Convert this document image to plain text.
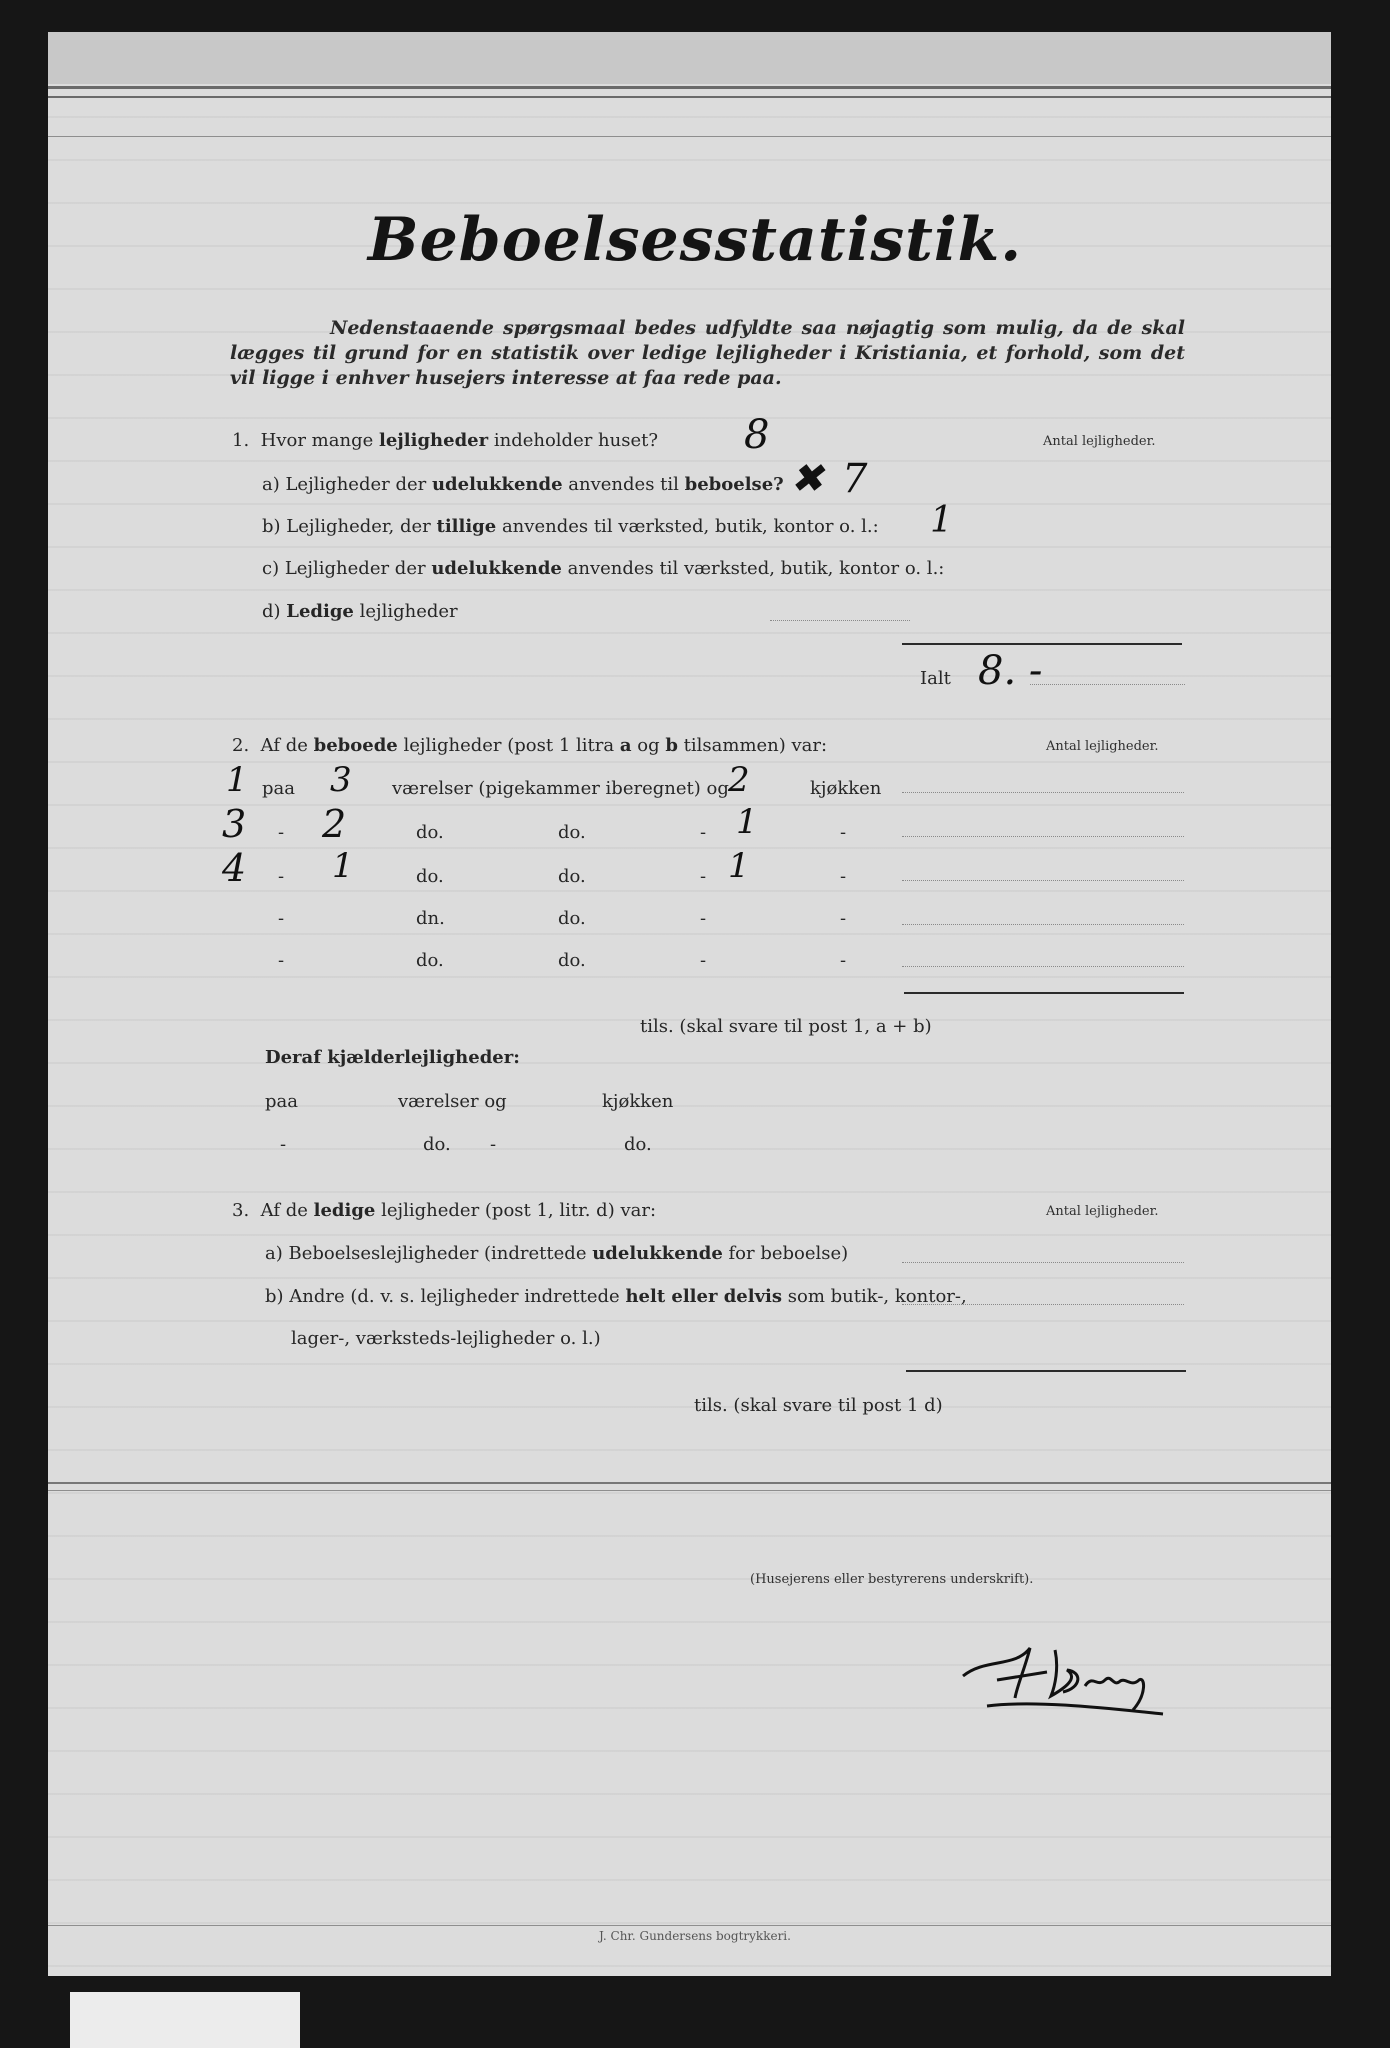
Beboelsesstatistik.

Nedenstaaende spørgsmaal bedes udfyldte saa nøjagtig som mulig, da de skal lægges til grund for en statistik over ledige lejligheder i Kristiania, et forhold, som det vil ligge i enhver husejers interesse at faa rede paa.

1. Hvor mange lejligheder indeholder huset? 8	Antal lejligheder.
a) Lejligheder der udelukkende anvendes til beboelse? ✖ 7
b) Lejligheder, der tillige anvendes til værksted, butik, kontor o. l.: 1
c) Lejligheder der udelukkende anvendes til værksted, butik, kontor o. l.:
d) Ledige lejligheder
Ialt 8. -
2. Af de beboede lejligheder (post 1 litra a og b tilsammen) var:	Antal lejligheder.
1 paa 3 værelser (pigekammer iberegnet) og 2	kjøkken
3 - 2	do.	do.	- 1	-
4 - 1	do.	do.	- 1	-
-	dn.	do.	-	-
-	do.	do.	-	-
tils. (skal svare til post 1, a + b)
Deraf kjælderlejligheder:
paa	værelser og	kjøkken
-	do. -	do.
3. Af de ledige lejligheder (post 1, litr. d) var:	Antal lejligheder.
a) Beboelseslejligheder (indrettede udelukkende for beboelse)
b) Andre (d. v. s. lejligheder indrettede helt eller delvis som butik-, kontor-,
lager-, værksteds-lejligheder o. l.)
tils. (skal svare til post 1 d)
(Husejerens eller bestyrerens underskrift).
J. Chr. Gundersens bogtrykkeri.
